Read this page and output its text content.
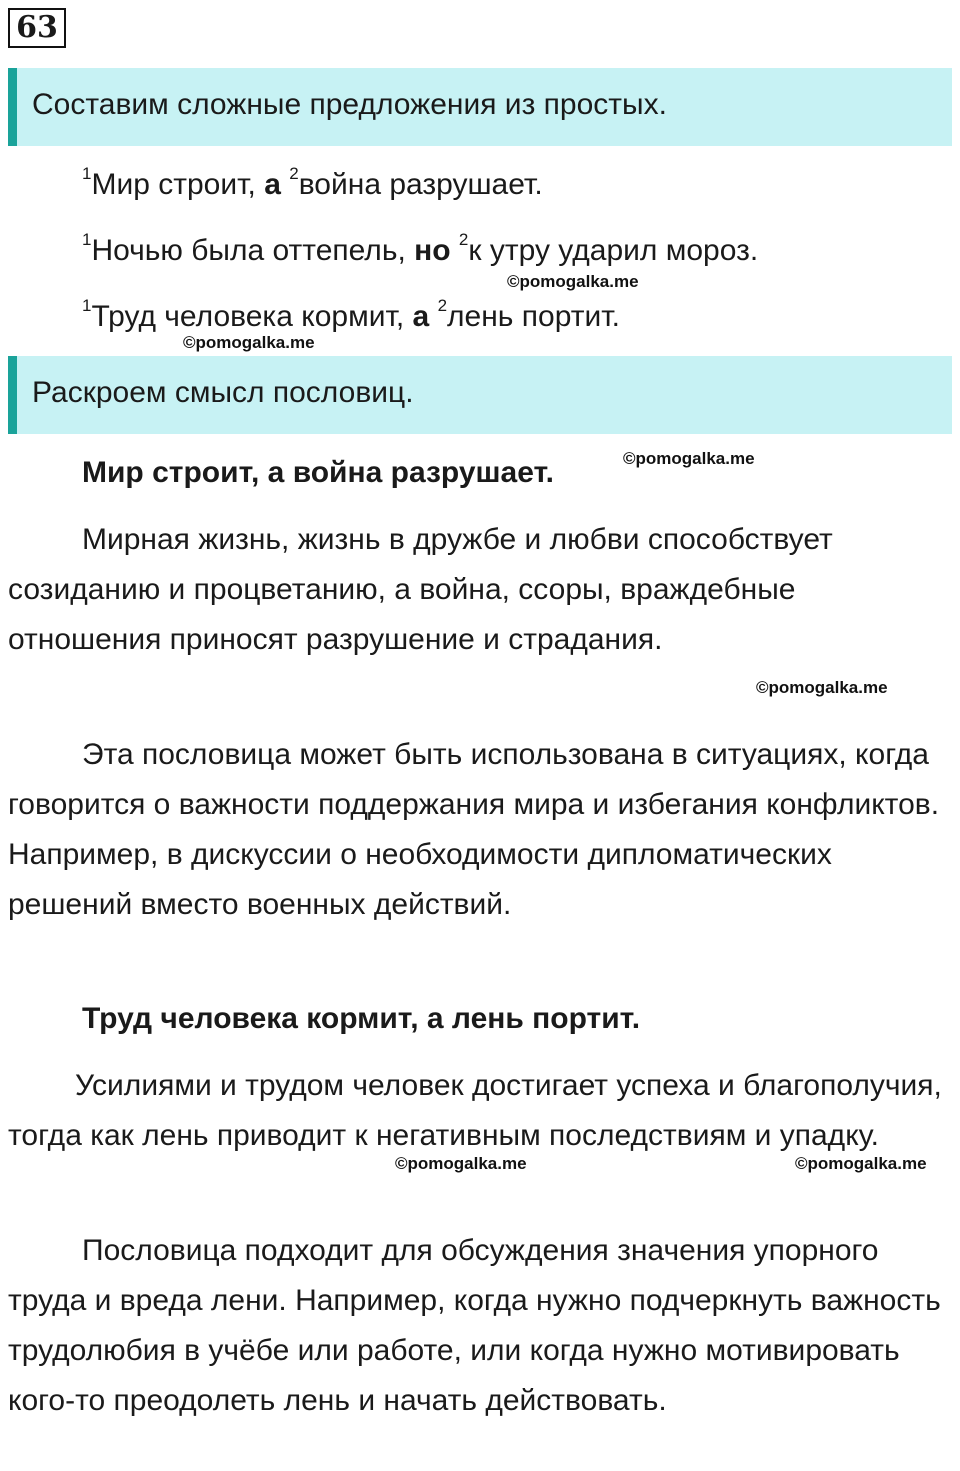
63
Составим сложные предложения из простых.
$^1$Мир строит, а $^2$война разрушает.
$^1$Ночью была оттепель, но $^2$к утру ударил мороз.
©pomogalka.me
$^1$Труд человека кормит, а $^2$лень портит.
©pomogalka.me
Раскроем смысл пословиц.
©pomogalka.me
Мир строит, а война разрушает.

Мирная жизнь, жизнь в дружбе и любви способствует созиданию и процветанию, а война, ссоры, враждебные отношения приносят разрушение и страдания.

©pomogalka.me

Эта пословица может быть использована в ситуациях, когда говорится о важности поддержания мира и избегания конфликтов. Например, в дискуссии о необходимости дипломатических решений вместо военных действий.

Труд человека кормит, а лень портит.

Усилиями и трудом человек достигает успеха и благополучия, тогда как лень приводит к негативным последствиям и упадку.

©pomogalka.me	©pomogalka.me

Пословица подходит для обсуждения значения упорного труда и вреда лени. Например, когда нужно подчеркнуть важность трудолюбия в учёбе или работе, или когда нужно мотивировать кого-то преодолеть лень и начать действовать.
